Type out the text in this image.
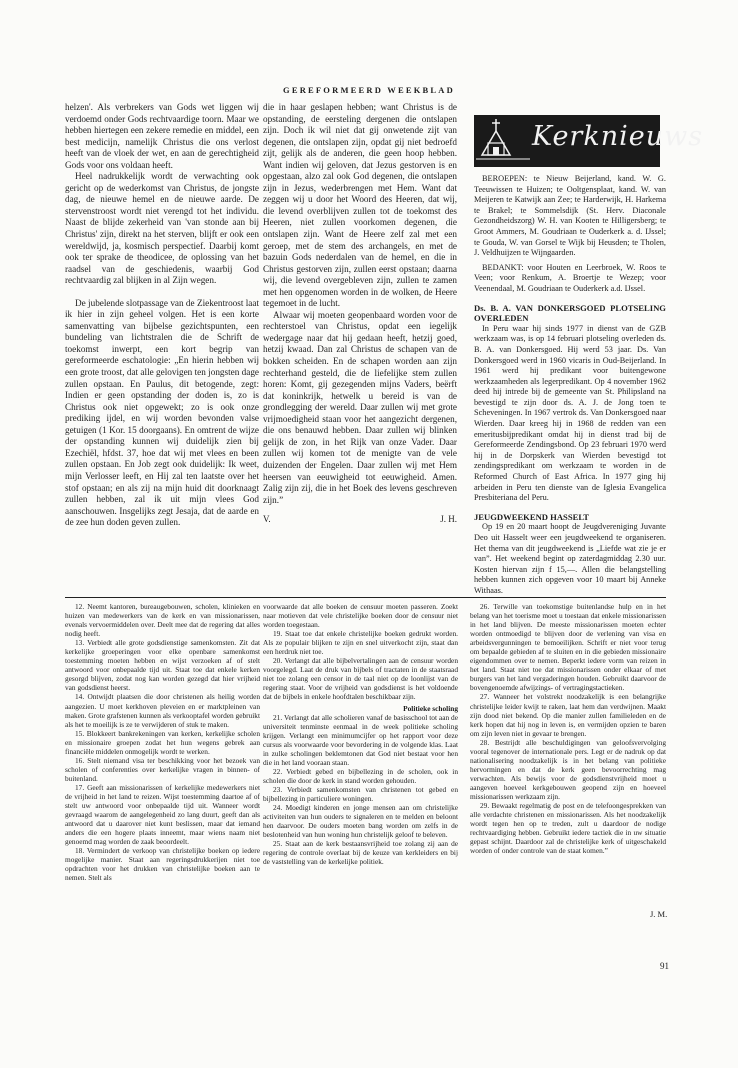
GEREFORMEERD WEEKBLAD

helzen'. Als verbrekers van Gods wet liggen wij verdoemd onder Gods rechtvaardige toorn. Maar we hebben hiertegen een zekere remedie en middel, een best medicijn, namelijk Christus die ons verlost heeft van de vloek der wet, en aan de gerechtigheid Gods voor ons voldaan heeft.

Heel nadrukkelijk wordt de verwachting ook gericht op de wederkomst van Christus, de jongste dag, de nieuwe hemel en de nieuwe aarde. De stervenstroost wordt niet verengd tot het individu. Naast de blijde zekerheid van 'van stonde aan bij Christus' zijn, direkt na het sterven, blijft er ook een wereldwijd, ja, kosmisch perspectief. Daarbij komt ook ter sprake de theodicee, de oplossing van het raadsel van de geschiedenis, waarbij God rechtvaardig zal blijken in al Zijn wegen.

De jubelende slotpassage van de Ziekentroost laat ik hier in zijn geheel volgen. Het is een korte samenvatting van bijbelse gezichtspunten, een bundeling van lichtstralen die de Schrift de toekomst inwerpt, een kort begrip van gereformeerde eschatologie: „En hierin hebben wij een grote troost, dat alle gelovigen ten jongsten dage zullen opstaan. En Paulus, dit betogende, zegt: Indien er geen opstanding der doden is, zo is Christus ook niet opgewekt; zo is ook onze prediking ijdel, en wij worden bevonden valse getuigen (1 Kor. 15 doorgaans). En omtrent de wijze der opstanding kunnen wij duidelijk zien bij Ezechiël, hfdst. 37, hoe dat wij met vlees en been zullen opstaan. En Job zegt ook duidelijk: Ik weet, mijn Verlosser leeft, en Hij zal ten laatste over het stof opstaan; en als zij na mijn huid dit doorknaagt zullen hebben, zal ik uit mijn vlees God aanschouwen. Insgelijks zegt Jesaja, dat de aarde en de zee hun doden geven zullen.

die in haar geslapen hebben; want Christus is de opstanding, de eersteling dergenen die ontslapen zijn. Doch ik wil niet dat gij onwetende zijt van degenen, die ontslapen zijn, opdat gij niet bedroefd zijt, gelijk als de anderen, die geen hoop hebben. Want indien wij geloven, dat Jezus gestorven is en opgestaan, alzo zal ook God degenen, die ontslapen zijn in Jezus, wederbrengen met Hem. Want dat zeggen wij u door het Woord des Heeren, dat wij, die levend overblijven zullen tot de toekomst des Heeren, niet zullen voorkomen degenen, die ontslapen zijn. Want de Heere zelf zal met een geroep, met de stem des archangels, en met de bazuin Gods nederdalen van de hemel, en die in Christus gestorven zijn, zullen eerst opstaan; daarna wij, die levend overgebleven zijn, zullen te zamen met hen opgenomen worden in de wolken, de Heere tegemoet in de lucht.

Alwaar wij moeten geopenbaard worden voor de rechterstoel van Christus, opdat een iegelijk wedergage naar dat hij gedaan heeft, hetzij goed, hetzij kwaad. Dan zal Christus de schapen van de bokken scheiden. En de schapen worden aan zijn rechterhand gesteld, die de liefelijke stem zullen horen: Komt, gij gezegenden mijns Vaders, beërft dat koninkrijk, hetwelk u bereid is van de grondlegging der wereld. Daar zullen wij met grote vrijmoedigheid staan voor het aangezicht dergenen, die ons benauwd hebben. Daar zullen wij blinken gelijk de zon, in het Rijk van onze Vader. Daar zullen wij komen tot de menigte van de vele duizenden der Engelen. Daar zullen wij met Hem heersen van eeuwigheid tot eeuwigheid. Amen. Zalig zijn zij, die in het Boek des levens geschreven zijn.”

V.	J. H.
Kerknieuws

BEROEPEN: te Nieuw Beijerland, kand. W. G. Teeuwissen te Huizen; te Ooltgensplaat, kand. W. van Meijeren te Katwijk aan Zee; te Harderwijk, H. Harkema te Brakel; te Sommelsdijk (St. Herv. Diaconale Gezondheidszorg) W. H. van Kooten te Hilligersberg; te Groot Ammers, M. Goudriaan te Ouderkerk a. d. IJssel; te Gouda, W. van Gorsel te Wijk bij Heusden; te Tholen, J. Veldhuijzen te Wijngaarden.

BEDANKT: voor Houten en Leerbroek, W. Roos te Veen; voor Renkum, A. Broertje te Wezep; voor Veenendaal, M. Goudriaan te Ouderkerk a.d. IJssel.

Ds. B. A. VAN DONKERSGOED PLOTSELING OVERLEDEN

In Peru waar hij sinds 1977 in dienst van de GZB werkzaam was, is op 14 februari plotseling overleden ds. B. A. van Donkersgoed. Hij werd 53 jaar. Ds. Van Donkersgoed werd in 1960 vicaris in Oud-Beijerland. In 1961 werd hij predikant voor buitengewone werkzaamheden als legerpredikant. Op 4 november 1962 deed hij intrede bij de gemeente van St. Philipsland na bevestigd te zijn door ds. A. J. de Jong toen te Scheveningen. In 1967 vertrok ds. Van Donkersgoed naar Wierden. Daar kreeg hij in 1968 de redden van een emeritusbijpredikant omdat hij in dienst trad bij de Gereformeerde Zendingsbond. Op 23 februari 1970 werd hij in de Dorpskerk van Wierden bevestigd tot zendingspredikant om werkzaam te worden in de Reformed Church of East Africa. In 1977 ging hij arbeiden in Peru ten dienste van de Iglesia Evangelica Presbiteriana del Peru.

JEUGDWEEKEND HASSELT

Op 19 en 20 maart hoopt de Jeugdvereniging Juvante Deo uit Hasselt weer een jeugdweekend te organiseren. Het thema van dit jeugdweekend is „Liefde wat zie je er van”. Het weekend begint op zaterdagmiddag 2.30 uur. Kosten hiervan zijn f 15,—. Allen die belangstelling hebben kunnen zich opgeven voor 10 maart bij Anneke Withaas.

12. Neemt kantoren, bureaugebouwen, scholen, klinieken en huizen van medewerkers van de kerk en van missionarissen, evenals vervoermiddelen over. Deelt mee dat de regering dat alles nodig heeft.

13. Verbiedt alle grote godsdienstige samenkomsten. Zit dat kerkelijke groeperingen voor elke openbare samenkomst toestemming moeten hebben en wijst verzoeken af of stelt antwoord voor onbepaalde tijd uit. Staat toe dat enkele kerken gesorgd blijven, zodat nog kan worden gezegd dat hier vrijheid van godsdienst heerst.

14. Ontwijdt plaatsen die door christenen als heilig worden aangezien. U moet kerkhoven pleveien en er marktpleinen van maken. Grote grafstenen kunnen als verkooptafel worden gebruikt als het te moeilijk is ze te verwijderen of stuk te maken.

15. Blokkeert bankrekeningen van kerken, kerkelijke scholen en missionaire groepen zodat het hun wegens gebrek aan financiële middelen onmogelijk wordt te werken.

16. Stelt niemand visa ter beschikking voor het bezoek van scholen of conferenties over kerkelijke vragen in binnen- of buitenland.

17. Geeft aan missionarissen of kerkelijke medewerkers niet de vrijheid in het land te reizen. Wijst toestemming daartoe af of stelt uw antwoord voor onbepaalde tijd uit. Wanneer wordt gevraagd waarom de aangelegenheid zo lang duurt, geeft dan als antwoord dat u daarover niet kunt beslissen, maar dat iemand anders die een hogere plaats inneemt, maar wiens naam niet genoemd mag worden de zaak beoordeelt.

18. Vermindert de verkoop van christelijke boeken op iedere mogelijke manier. Staat aan regeringsdrukkerijen niet toe opdrachten voor het drukken van christelijke boeken aan te nemen. Stelt als

voorwaarde dat alle boeken de censuur moeten passeren. Zoekt naar motieven dat vele christelijke boeken door de censuur niet worden toegestaan.

19. Staat toe dat enkele christelijke boeken gedrukt worden. Als ze populair blijken te zijn en snel uitverkocht zijn, staat dan een herdruk niet toe.

20. Verlangt dat alle bijbelvertalingen aan de censuur worden voorgelegd. Laat de druk van bijbels of tractaten in de staatsraad niet toe zolang een censor in de taal niet op de loonlijst van de regering staat. Voor de vrijheid van godsdienst is het voldoende dat de bijbels in enkele hoofdtalen beschikbaar zijn.

Politieke scholing

21. Verlangt dat alle scholieren vanaf de basisschool tot aan de universiteit tenminste eenmaal in de week politieke scholing krijgen. Verlangt een minimumcijfer op het rapport voor deze cursus als voorwaarde voor bevordering in de volgende klas. Laat in zulke scholingen beklemtonen dat God niet bestaat voor hen die in het land vooraan staan.

22. Verbiedt gebed en bijbellezing in de scholen, ook in scholen die door de kerk in stand worden gehouden.

23. Verbiedt samenkomsten van christenen tot gebed en bijbellezing in particuliere woningen.

24. Moedigt kinderen en jonge mensen aan om christelijke activiteiten van hun ouders te signaleren en te melden en beloont hen daarvoor. De ouders moeten bang worden om zelfs in de beslotenheid van hun woning hun christelijk geloof te beleven.

25. Staat aan de kerk bestaansvrijheid toe zolang zij aan de regering de controle overlaat bij de keuze van kerkleiders en bij de vaststelling van de kerkelijke politiek.

26. Terwille van toekomstige buitenlandse hulp en in het belang van het toerisme moet u toestaan dat enkele missionarissen in het land blijven. De meeste missionarissen moeten echter worden ontmoedigd te blijven door de verlening van visa en arbeidsvergunningen te bemoeilijken. Schrift er niet voor terug om bepaalde gebieden af te sluiten en in die gebieden missionaire eigendommen over te nemen. Beperkt iedere vorm van reizen in het land. Staat niet toe dat missionarissen onder elkaar of met burgers van het land vergaderingen houden. Gebruikt daarvoor de bovengenoemde afwijzings- of vertragingstactieken.

27. Wanneer het volstrekt noodzakelijk is een belangrijke christelijke leider kwijt te raken, laat hem dan verdwijnen. Maakt zijn dood niet bekend. Op die manier zullen familieleden en de kerk hopen dat hij nog in leven is, en vermijden opzien te baren om zijn leven niet in gevaar te brengen.

28. Bestrijdt alle beschuldigingen van geloofsvervolging vooral tegenover de internationale pers. Legt er de nadruk op dat nationalisering noodzakelijk is in het belang van politieke hervormingen en dat de kerk geen bevoorrechting mag verwachten. Als bewijs voor de godsdienstvrijheid moet u aangeven hoeveel kerkgebouwen geopend zijn en hoeveel missionarissen werkzaam zijn.

29. Bewaakt regelmatig de post en de telefoongesprekken van alle verdachte christenen en missionarissen. Als het noodzakelijk wordt tegen hen op te treden, zult u daardoor de nodige rechtvaardiging hebben. Gebruikt iedere tactiek die in uw situatie gepast schijnt. Daardoor zal de christelijke kerk of uitgeschakeld worden of onder controle van de staat komen.”

J. M.
91
